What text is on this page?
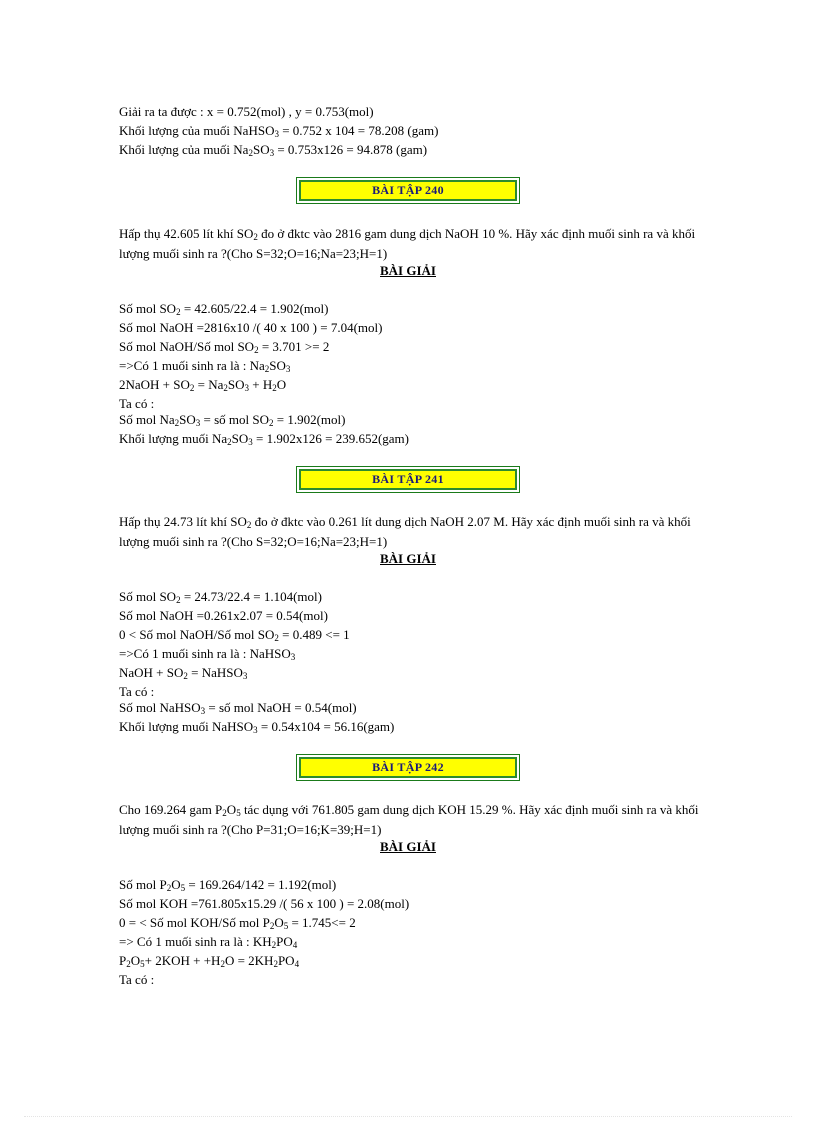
Giải ra ta được : x = 0.752(mol) , y = 0.753(mol)
Khối lượng của muối NaHSO$_3$ = 0.752 x 104 = 78.208 (gam)
Khối lượng của muối $Na_2SO_3 = 0.753x126 = 94.878$ (gam)
BÀI TẬP 240
Hấp thụ 42.605 lít khí $SO_2$ đo ở đktc vào 2816 gam dung dịch NaOH 10 %. Hãy xác định muối sinh ra và khối lượng muối sinh ra ?(Cho S=32;O=16;Na=23;H=1)
BÀI GIẢI
Số mol $SO_2 = 42.605/22.4 = 1.902(mol)$
Số mol NaOH =2816x10 /( 40 x 100 ) = 7.04(mol)
Số mol NaOH/Số mol $SO_2 = 3.701 >= 2$
=>Có 1 muối sinh ra là : $Na_2SO_3$
2NaOH + $SO_2 = Na_2SO_3 + H_2O$
Ta có :
Số mol $Na_2SO_3$ = số mol $SO_2 = 1.902(mol)$
Khối lượng muối $Na_2SO_3 = 1.902x126 = 239.652(gam)$
BÀI TẬP 241
Hấp thụ 24.73 lít khí $SO_2$ đo ở đktc vào 0.261 lít dung dịch NaOH 2.07 M. Hãy xác định muối sinh ra và khối lượng muối sinh ra ?(Cho S=32;O=16;Na=23;H=1)
BÀI GIẢI
Số mol $SO_2 = 24.73/22.4 = 1.104(mol)$
Số mol NaOH =0.261x2.07 = 0.54(mol)
0 < Số mol NaOH/Số mol $SO_2 = 0.489 <= 1$
=>Có 1 muối sinh ra là : NaHSO$_3$
NaOH + $SO_2$ = NaHSO$_3$
Ta có :
Số mol NaHSO$_3$ = số mol NaOH = 0.54(mol)
Khối lượng muối NaHSO$_3$ = 0.54x104 = 56.16(gam)
BÀI TẬP 242
Cho 169.264 gam $P_2O_5$ tác dụng với 761.805 gam dung dịch KOH 15.29 %. Hãy xác định muối sinh ra và khối lượng muối sinh ra ?(Cho P=31;O=16;K=39;H=1)
BÀI GIẢI
Số mol $P_2O_5 = 169.264/142 = 1.192(mol)$
Số mol KOH =761.805x15.29 /( 56 x 100 ) = 2.08(mol)
0 = < Số mol KOH/Số mol $P_2O_5 = 1.745<= 2$
=> Có 1 muối sinh ra là : $KH_2PO_4$
$P_2O_5+ 2KOH + +H_2O = 2KH_2PO_4$
Ta có :
